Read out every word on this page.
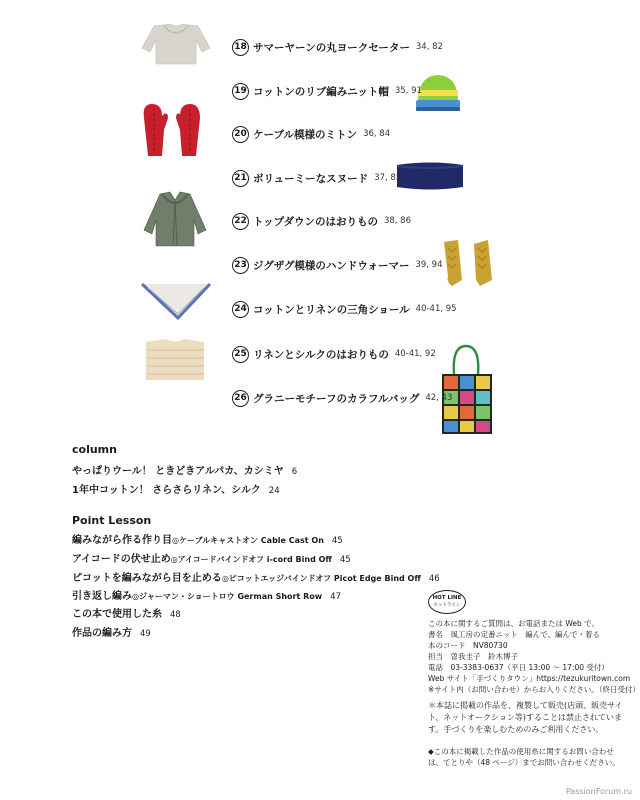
18 サマーヤーンの丸ヨークセーター 34, 82
19 コットンのリブ編みニット帽 35, 91
20 ケーブル模様のミトン 36, 84
21 ボリューミーなスヌード 37, 85
22 トップダウンのはおりもの 38, 86
23 ジグザグ模様のハンドウォーマー 39, 94
24 コットンとリネンの三角ショール 40-41, 95
25 リネンとシルクのはおりもの 40-41, 92
26 グラニーモチーフのカラフルバッグ 42, 43
column
やっぱりウール！ ときどきアルパカ、カシミヤ 6
1年中コットン！ さらさらリネン、シルク 24
Point Lesson
編みながら作る作り目◎ケーブルキャストオン Cable Cast On 45
アイコードの伏せ止め◎アイコードバインドオフ i-cord Bind Off 45
ピコットを編みながら目を止める◎ピコットエッジバインドオフ Picot Edge Bind Off 46
引き返し編み◎ジャーマン・ショートロウ German Short Row 47
この本で使用した糸 48
作品の編み方 49
HOT LINE
ホットライン
この本に関するご質問は、お電話または Web で。
書名　風工房の定番ニット　編んで、編んで・着る
本のコード　NV80730
担当　曽我圭子　鈴木博子
電話　03-3383-0637（平日 13:00 ～ 17:00 受付）
Web サイト「手づくりタウン」https://tezukuritown.com
※サイト内（お問い合わせ）からお入りください。（終日受付）
＊本誌に掲載の作品を、複製して販売(店頭、販売サイト、ネットオークション等)することは禁止されています。手づくりを楽しむためのみご利用ください。
◆この本に掲載した作品の使用糸に関するお問い合わせは、てとりや（48 ページ）までお問い合わせください。
PassionForum.ru
